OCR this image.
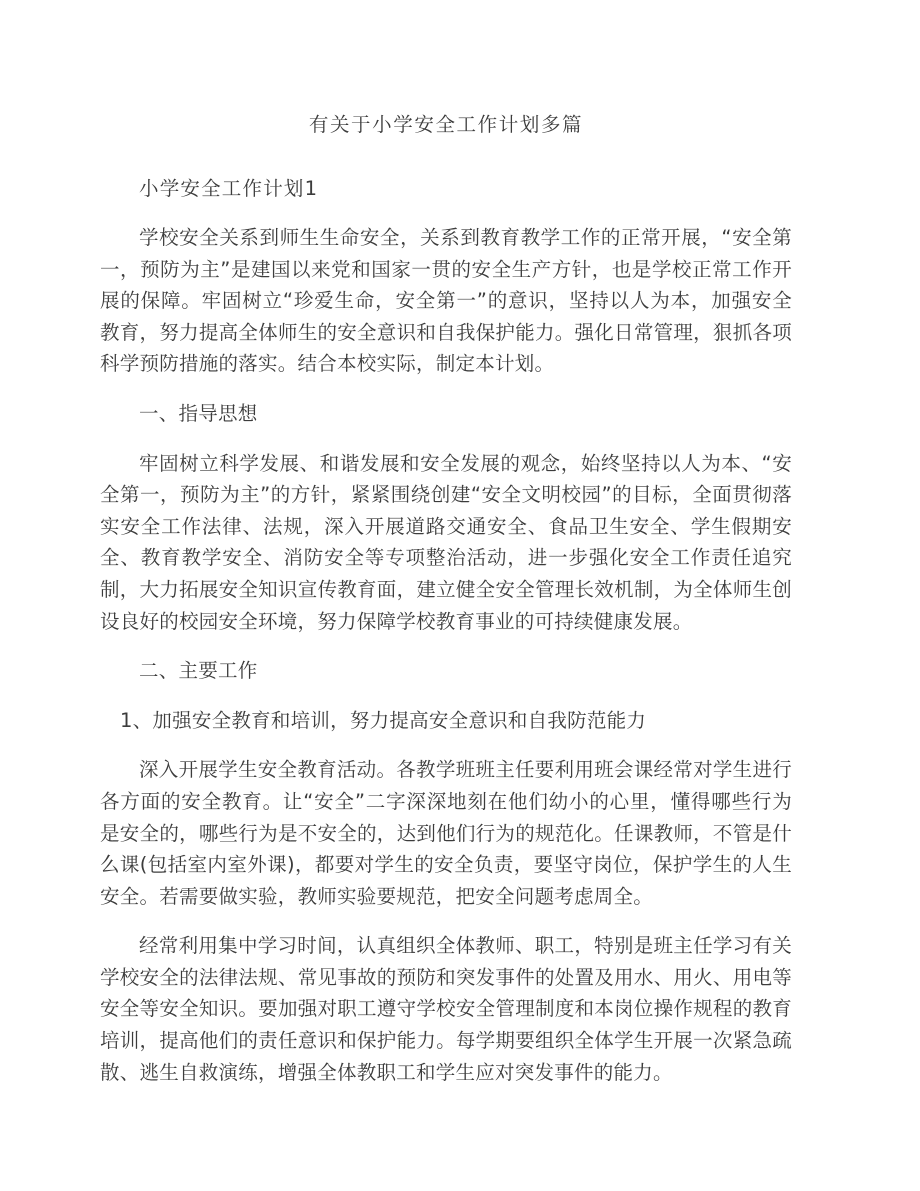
有关于小学安全工作计划多篇

小学安全工作计划1

学校安全关系到师生生命安全，关系到教育教学工作的正常开展，“安全第一，预防为主”是建国以来党和国家一贯的安全生产方针，也是学校正常工作开展的保障。牢固树立“珍爱生命，安全第一”的意识，坚持以人为本，加强安全教育，努力提高全体师生的安全意识和自我保护能力。强化日常管理，狠抓各项科学预防措施的落实。结合本校实际，制定本计划。

一、指导思想

牢固树立科学发展、和谐发展和安全发展的观念，始终坚持以人为本、“安全第一，预防为主”的方针，紧紧围绕创建“安全文明校园”的目标，全面贯彻落实安全工作法律、法规，深入开展道路交通安全、食品卫生安全、学生假期安全、教育教学安全、消防安全等专项整治活动，进一步强化安全工作责任追究制，大力拓展安全知识宣传教育面，建立健全安全管理长效机制，为全体师生创设良好的校园安全环境，努力保障学校教育事业的可持续健康发展。

二、主要工作

1、加强安全教育和培训，努力提高安全意识和自我防范能力

深入开展学生安全教育活动。各教学班班主任要利用班会课经常对学生进行各方面的安全教育。让“安全”二字深深地刻在他们幼小的心里，懂得哪些行为是安全的，哪些行为是不安全的，达到他们行为的规范化。任课教师，不管是什么课(包括室内室外课)，都要对学生的安全负责，要坚守岗位，保护学生的人生安全。若需要做实验，教师实验要规范，把安全问题考虑周全。

经常利用集中学习时间，认真组织全体教师、职工，特别是班主任学习有关学校安全的法律法规、常见事故的预防和突发事件的处置及用水、用火、用电等安全等安全知识。要加强对职工遵守学校安全管理制度和本岗位操作规程的教育培训，提高他们的责任意识和保护能力。每学期要组织全体学生开展一次紧急疏散、逃生自救演练，增强全体教职工和学生应对突发事件的能力。
